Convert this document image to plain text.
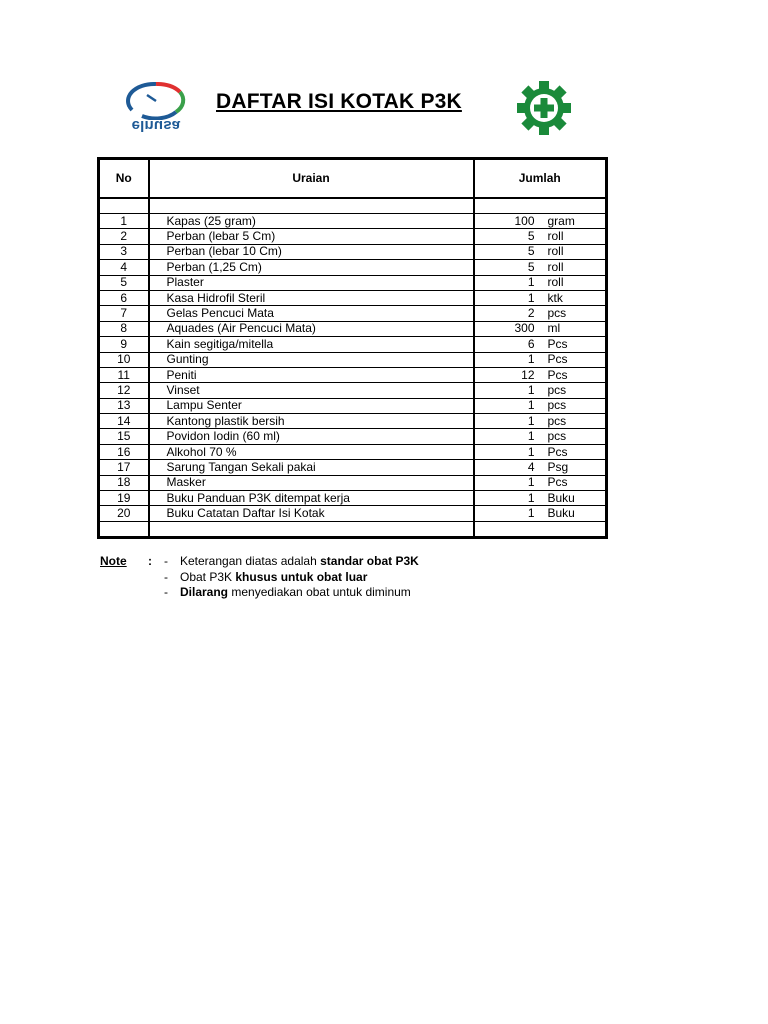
elnusa
DAFTAR ISI KOTAK P3K
No	Uraian	Jumlah

1	Kapas (25 gram)	100 gram
2	Perban (lebar 5 Cm)	5 roll
3	Perban (lebar 10 Cm)	5 roll
4	Perban (1,25 Cm)	5 roll
5	Plaster	1 roll
6	Kasa Hidrofil Steril	1 ktk
7	Gelas Pencuci Mata	2 pcs
8	Aquades (Air Pencuci Mata)	300 ml
9	Kain segitiga/mitella	6 Pcs
10	Gunting	1 Pcs
11	Peniti	12 Pcs
12	Vinset	1 pcs
13	Lampu Senter	1 pcs
14	Kantong plastik bersih	1 pcs
15	Povidon Iodin (60 ml)	1 pcs
16	Alkohol 70 %	1 Pcs
17	Sarung Tangan Sekali pakai	4 Psg
18	Masker	1 Pcs
19	Buku Panduan P3K ditempat kerja	1 Buku
20	Buku Catatan Daftar Isi Kotak	1 Buku

Note : - Keterangan diatas adalah standar obat P3K
- Obat P3K khusus untuk obat luar
- Dilarang menyediakan obat untuk diminum
